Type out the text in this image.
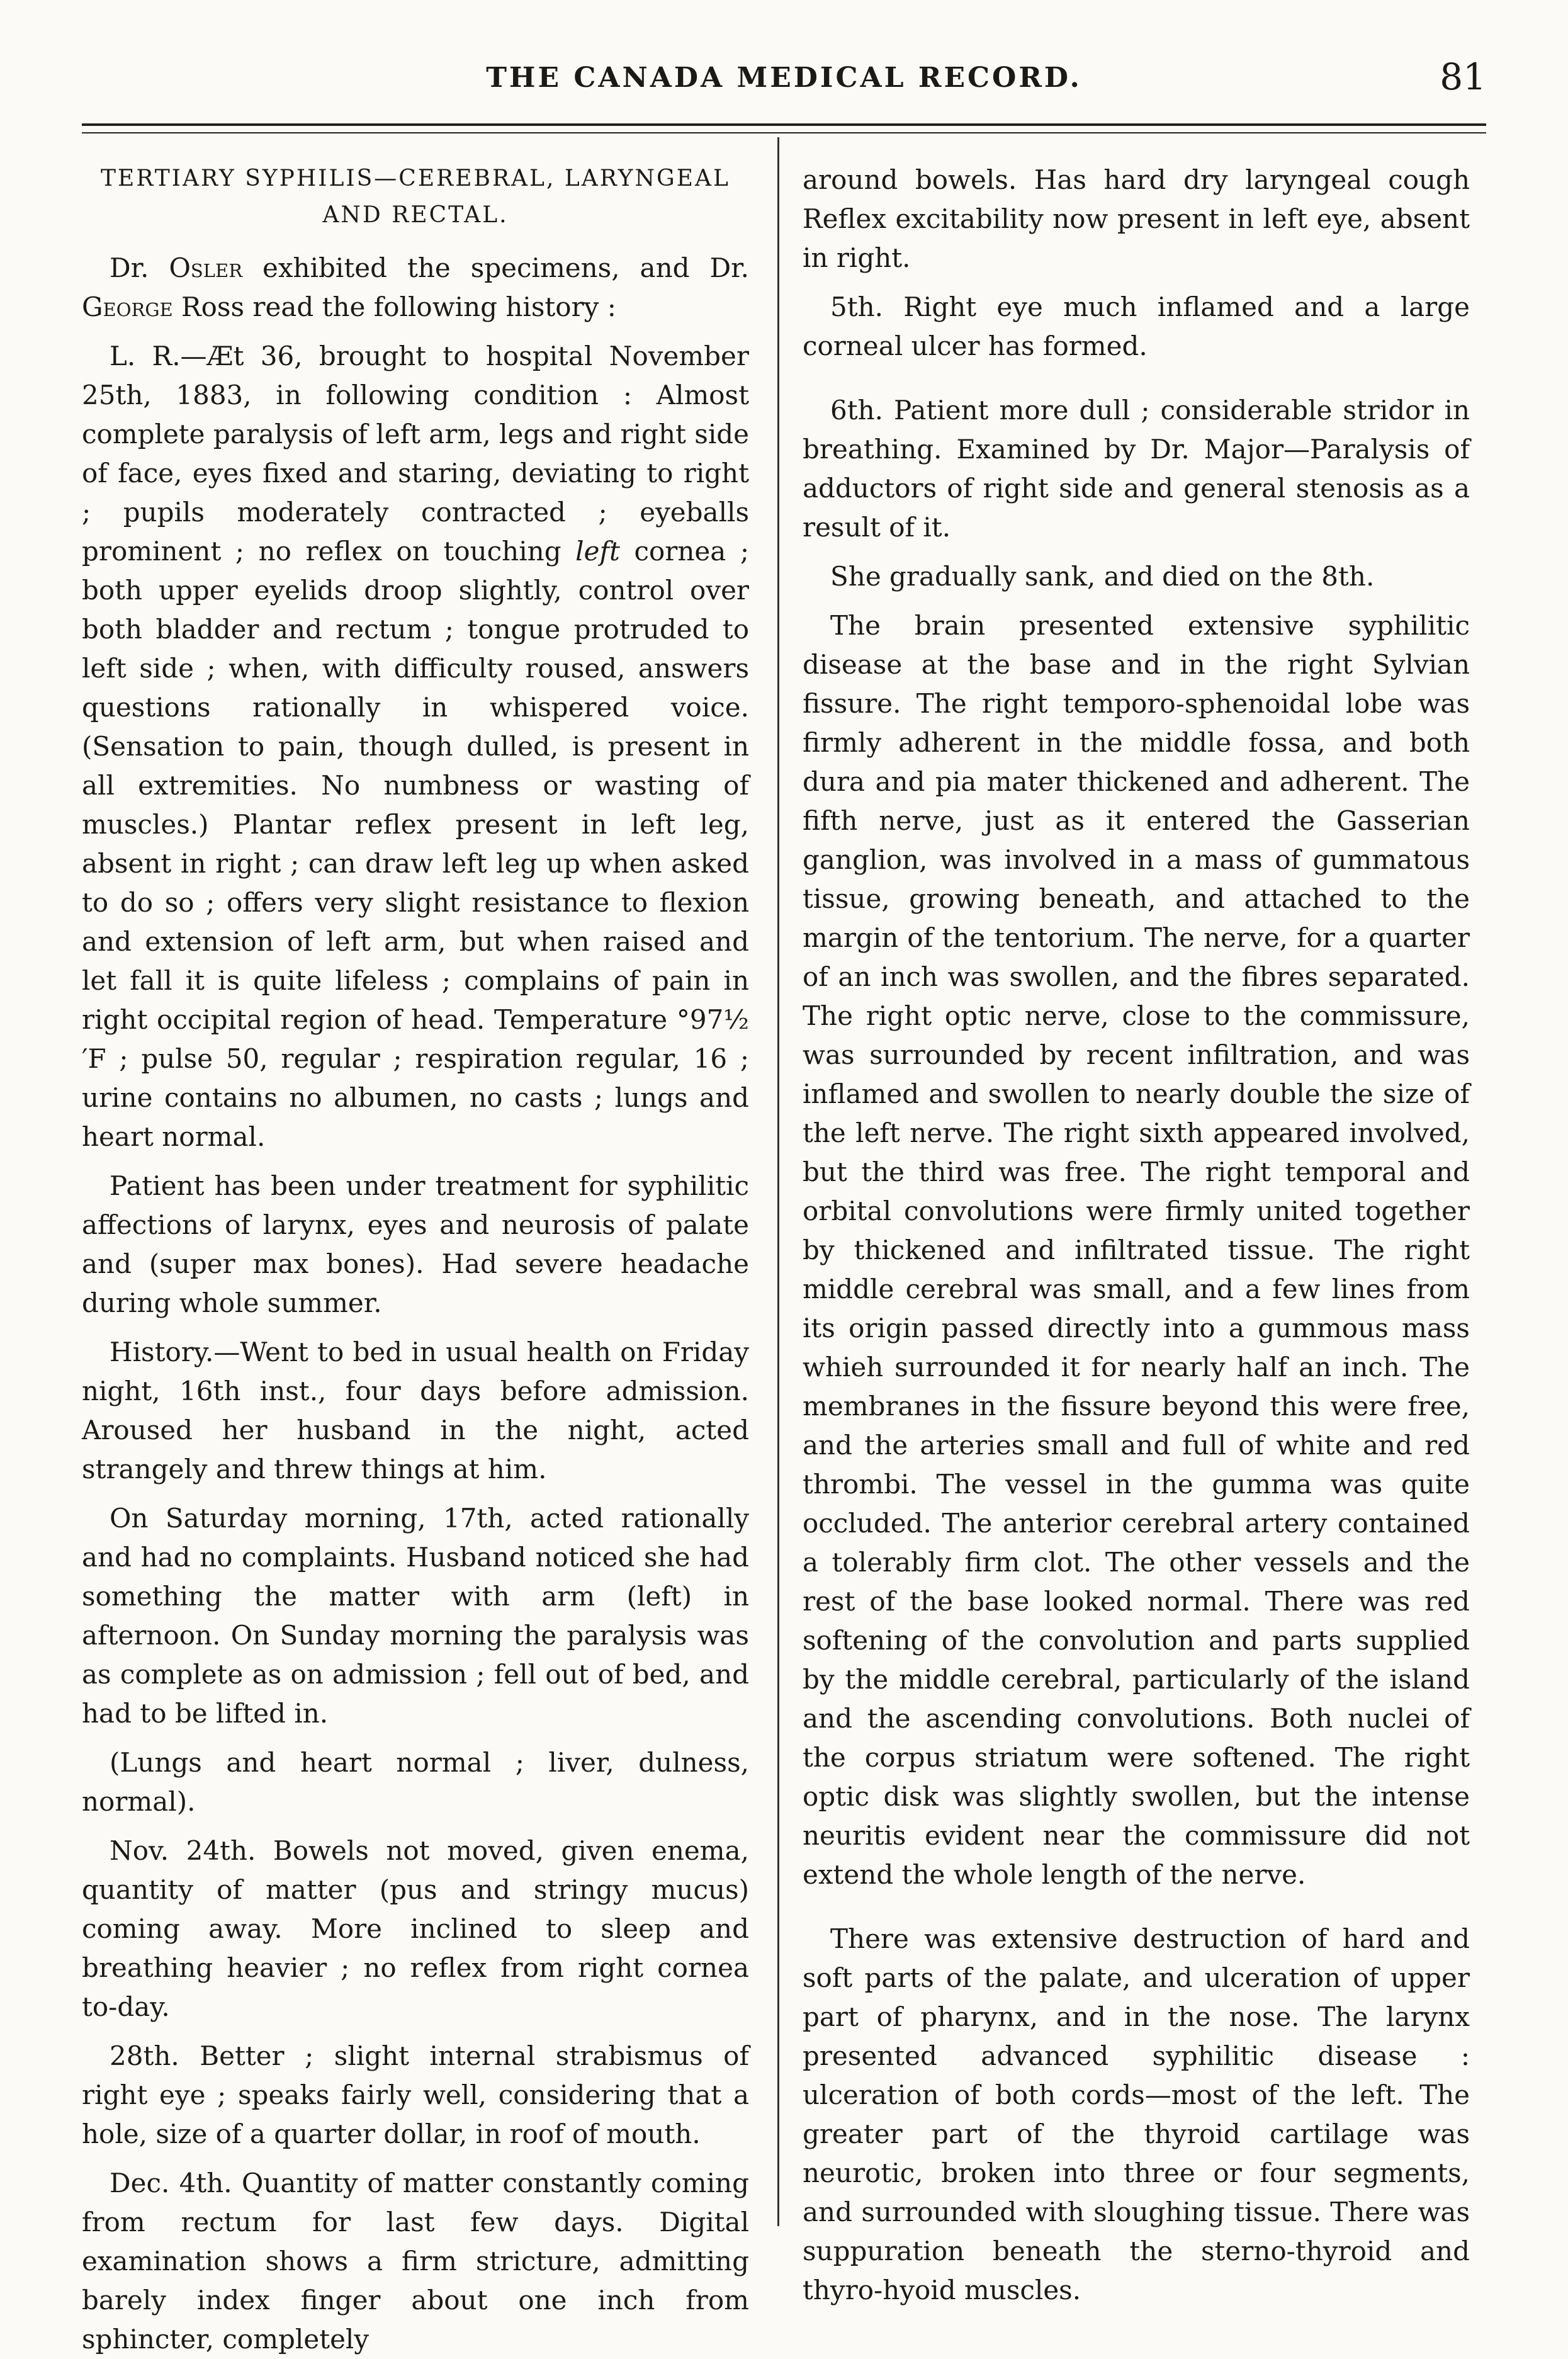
THE CANADA MEDICAL RECORD.	81
TERTIARY SYPHILIS—CEREBRAL, LARYNGEAL AND RECTAL.

Dr. Osler exhibited the specimens, and Dr. George Ross read the following history :

L. R.—Æt 36, brought to hospital November 25th, 1883, in following condition : Almost complete paralysis of left arm, legs and right side of face, eyes fixed and staring, deviating to right ; pupils moderately contracted ; eyeballs prominent ; no reflex on touching left cornea ; both upper eyelids droop slightly, control over both bladder and rectum ; tongue protruded to left side ; when, with difficulty roused, answers questions rationally in whispered voice. (Sensation to pain, though dulled, is present in all extremities. No numbness or wasting of muscles.) Plantar reflex present in left leg, absent in right ; can draw left leg up when asked to do so ; offers very slight resistance to flexion and extension of left arm, but when raised and let fall it is quite lifeless ; complains of pain in right occipital region of head. Temperature °97½ ′F ; pulse 50, regular ; respiration regular, 16 ; urine contains no albumen, no casts ; lungs and heart normal.

Patient has been under treatment for syphilitic affections of larynx, eyes and neurosis of palate and (super max bones). Had severe headache during whole summer.

History.—Went to bed in usual health on Friday night, 16th inst., four days before admission. Aroused her husband in the night, acted strangely and threw things at him.

On Saturday morning, 17th, acted rationally and had no complaints. Husband noticed she had something the matter with arm (left) in afternoon. On Sunday morning the paralysis was as complete as on admission ; fell out of bed, and had to be lifted in.

(Lungs and heart normal ; liver, dulness, normal).

Nov. 24th. Bowels not moved, given enema, quantity of matter (pus and stringy mucus) coming away. More inclined to sleep and breathing heavier ; no reflex from right cornea to-day.

28th. Better ; slight internal strabismus of right eye ; speaks fairly well, considering that a hole, size of a quarter dollar, in roof of mouth.

Dec. 4th. Quantity of matter constantly coming from rectum for last few days. Digital examination shows a firm stricture, admitting barely index finger about one inch from sphincter, completely

around bowels. Has hard dry laryngeal cough Reflex excitability now present in left eye, absent in right.

5th. Right eye much inflamed and a large corneal ulcer has formed.

6th. Patient more dull ; considerable stridor in breathing. Examined by Dr. Major—Paralysis of adductors of right side and general stenosis as a result of it.

She gradually sank, and died on the 8th.

The brain presented extensive syphilitic disease at the base and in the right Sylvian fissure. The right temporo-sphenoidal lobe was firmly adherent in the middle fossa, and both dura and pia mater thickened and adherent. The fifth nerve, just as it entered the Gasserian ganglion, was involved in a mass of gummatous tissue, growing beneath, and attached to the margin of the tentorium. The nerve, for a quarter of an inch was swollen, and the fibres separated. The right optic nerve, close to the commissure, was surrounded by recent infiltration, and was inflamed and swollen to nearly double the size of the left nerve. The right sixth appeared involved, but the third was free. The right temporal and orbital convolutions were firmly united together by thickened and infiltrated tissue. The right middle cerebral was small, and a few lines from its origin passed directly into a gummous mass whieh surrounded it for nearly half an inch. The membranes in the fissure beyond this were free, and the arteries small and full of white and red thrombi. The vessel in the gumma was quite occluded. The anterior cerebral artery contained a tolerably firm clot. The other vessels and the rest of the base looked normal. There was red softening of the convolution and parts supplied by the middle cerebral, particularly of the island and the ascending convolutions. Both nuclei of the corpus striatum were softened. The right optic disk was slightly swollen, but the intense neuritis evident near the commissure did not extend the whole length of the nerve.

There was extensive destruction of hard and soft parts of the palate, and ulceration of upper part of pharynx, and in the nose. The larynx presented advanced syphilitic disease : ulceration of both cords—most of the left. The greater part of the thyroid cartilage was neurotic, broken into three or four segments, and surrounded with sloughing tissue. There was suppuration beneath the sterno-thyroid and thyro-hyoid muscles.
